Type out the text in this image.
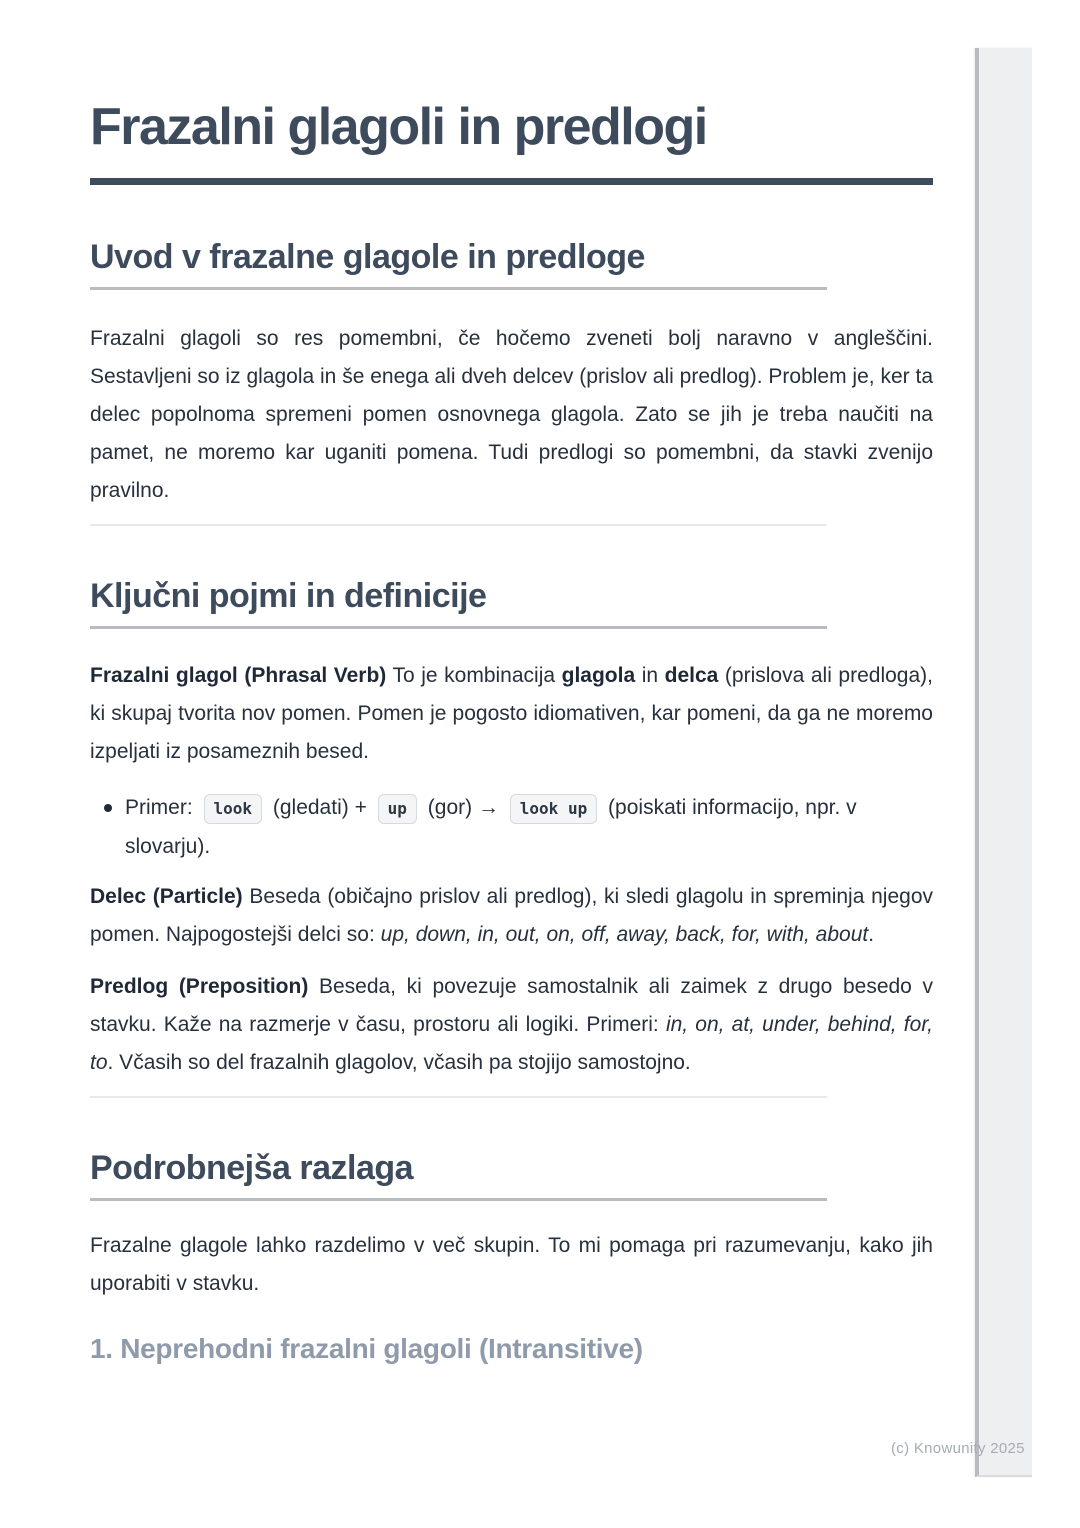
Frazalni glagoli in predlogi
Uvod v frazalne glagole in predloge

Frazalni glagoli so res pomembni, če hočemo zveneti bolj naravno v angleščini. Sestavljeni so iz glagola in še enega ali dveh delcev (prislov ali predlog). Problem je, ker ta delec popolnoma spremeni pomen osnovnega glagola. Zato se jih je treba naučiti na pamet, ne moremo kar uganiti pomena. Tudi predlogi so pomembni, da stavki zvenijo pravilno.

Ključni pojmi in definicije

Frazalni glagol (Phrasal Verb) To je kombinacija glagola in delca (prislova ali predloga), ki skupaj tvorita nov pomen. Pomen je pogosto idiomativen, kar pomeni, da ga ne moremo izpeljati iz posameznih besed.

Primer: look (gledati) + up (gor) → look up (poiskati informacijo, npr. v slovarju).

Delec (Particle) Beseda (običajno prislov ali predlog), ki sledi glagolu in spreminja njegov pomen. Najpogostejši delci so: up, down, in, out, on, off, away, back, for, with, about.

Predlog (Preposition) Beseda, ki povezuje samostalnik ali zaimek z drugo besedo v stavku. Kaže na razmerje v času, prostoru ali logiki. Primeri: in, on, at, under, behind, for, to. Včasih so del frazalnih glagolov, včasih pa stojijo samostojno.

Podrobnejša razlaga

Frazalne glagole lahko razdelimo v več skupin. To mi pomaga pri razumevanju, kako jih uporabiti v stavku.

1. Neprehodni frazalni glagoli (Intransitive)
(c) Knowunity 2025
